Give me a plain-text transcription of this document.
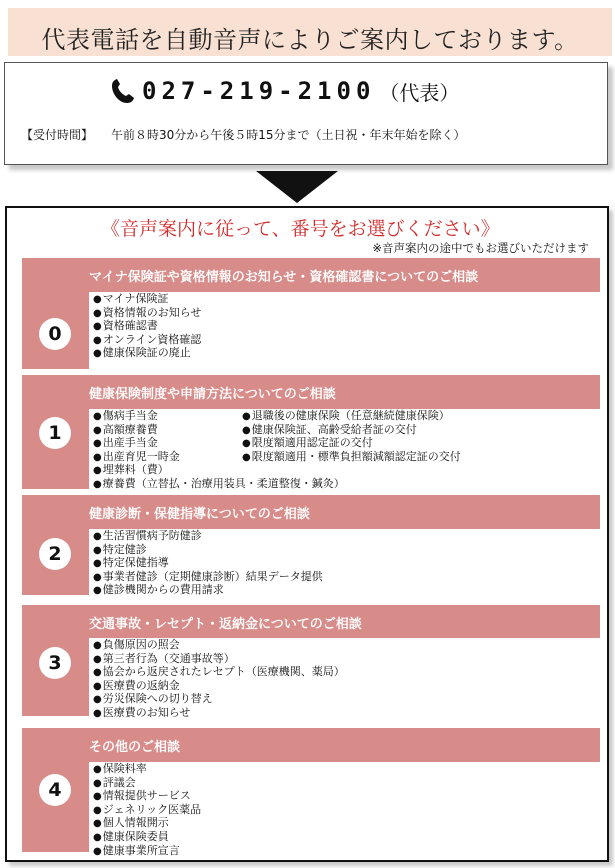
代表電話を自動音声によりご案内しております。
027-219-2100 （代表）
【受付時間】 午前８時30分から午後５時15分まで（土日祝・年末年始を除く）
《音声案内に従って、番号をお選びください》
※音声案内の途中でもお選びいただけます
マイナ保険証や資格情報のお知らせ・資格確認書についてのご相談
● マイナ保険証
● 資格情報のお知らせ
● 資格確認書
● オンライン資格確認
● 健康保険証の廃止
0
健康保険制度や申請方法についてのご相談
● 傷病手当金
● 高額療養費
● 出産手当金
● 出産育児一時金
● 埋葬料（費）
● 療養費（立替払・治療用装具・柔道整復・鍼灸）
● 退職後の健康保険（任意継続健康保険）
● 健康保険証、高齢受給者証の交付
● 限度額適用認定証の交付
● 限度額適用・標準負担額減額認定証の交付
1
健康診断・保健指導についてのご相談
● 生活習慣病予防健診
● 特定健診
● 特定保健指導
● 事業者健診（定期健康診断）結果データ提供
● 健診機関からの費用請求
2
交通事故・レセプト・返納金についてのご相談
● 負傷原因の照会
● 第三者行為（交通事故等）
● 協会から返戻されたレセプト（医療機関、薬局）
● 医療費の返納金
● 労災保険への切り替え
● 医療費のお知らせ
3
その他のご相談
● 保険料率
● 評議会
● 情報提供サービス
● ジェネリック医薬品
● 個人情報開示
● 健康保険委員
● 健康事業所宣言
4
